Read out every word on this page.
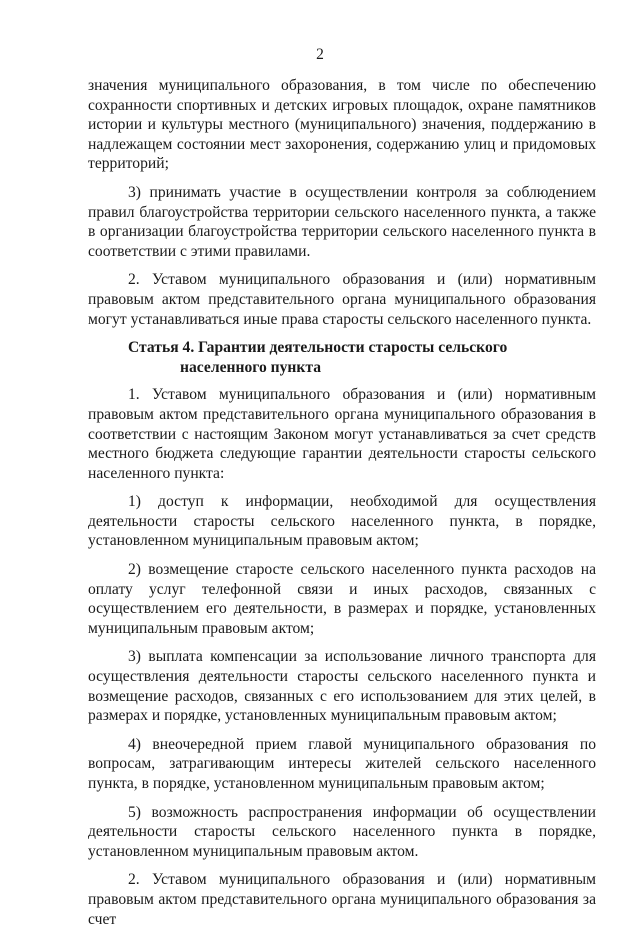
2

значения муниципального образования, в том числе по обеспечению сохранности спортивных и детских игровых площадок, охране памятников истории и культуры местного (муниципального) значения, поддержанию в надлежащем состоянии мест захоронения, содержанию улиц и придомовых территорий;

3) принимать участие в осуществлении контроля за соблюдением правил благоустройства территории сельского населенного пункта, а также в организации благоустройства территории сельского населенного пункта в соответствии с этими правилами.

2. Уставом муниципального образования и (или) нормативным правовым актом представительного органа муниципального образования могут устанавливаться иные права старосты сельского населенного пункта.

Статья 4. Гарантии деятельности старосты сельского
населенного пункта

1. Уставом муниципального образования и (или) нормативным правовым актом представительного органа муниципального образования в соответствии с настоящим Законом могут устанавливаться за счет средств местного бюджета следующие гарантии деятельности старосты сельского населенного пункта:

1) доступ к информации, необходимой для осуществления деятельности старосты сельского населенного пункта, в порядке, установленном муниципальным правовым актом;

2) возмещение старосте сельского населенного пункта расходов на оплату услуг телефонной связи и иных расходов, связанных с осуществлением его деятельности, в размерах и порядке, установленных муниципальным правовым актом;

3) выплата компенсации за использование личного транспорта для осуществления деятельности старосты сельского населенного пункта и возмещение расходов, связанных с его использованием для этих целей, в размерах и порядке, установленных муниципальным правовым актом;

4) внеочередной прием главой муниципального образования по вопросам, затрагивающим интересы жителей сельского населенного пункта, в порядке, установленном муниципальным правовым актом;

5) возможность распространения информации об осуществлении деятельности старосты сельского населенного пункта в порядке, установленном муниципальным правовым актом.

2. Уставом муниципального образования и (или) нормативным правовым актом представительного органа муниципального образования за счет
